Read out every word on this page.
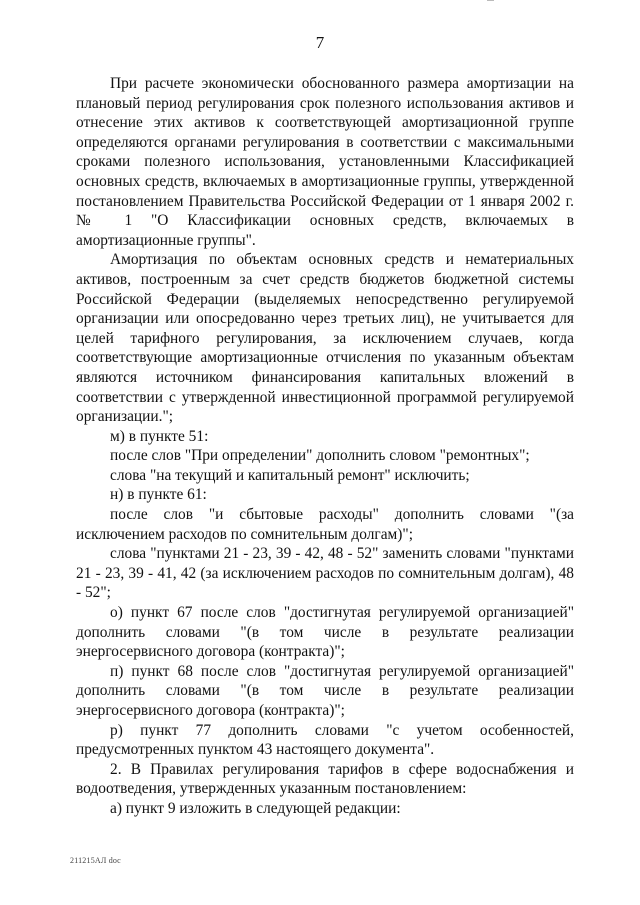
7

При расчете экономически обоснованного размера амортизации на плановый период регулирования срок полезного использования активов и отнесение этих активов к соответствующей амортизационной группе определяются органами регулирования в соответствии с максимальными сроками полезного использования, установленными Классификацией основных средств, включаемых в амортизационные группы, утвержденной постановлением Правительства Российской Федерации от 1 января 2002 г. № 1 "О Классификации основных средств, включаемых в амортизационные группы".

Амортизация по объектам основных средств и нематериальных активов, построенным за счет средств бюджетов бюджетной системы Российской Федерации (выделяемых непосредственно регулируемой организации или опосредованно через третьих лиц), не учитывается для целей тарифного регулирования, за исключением случаев, когда соответствующие амортизационные отчисления по указанным объектам являются источником финансирования капитальных вложений в соответствии с утвержденной инвестиционной программой регулируемой организации.";

м) в пункте 51:

после слов "При определении" дополнить словом "ремонтных";

слова "на текущий и капитальный ремонт" исключить;

н) в пункте 61:

после слов "и сбытовые расходы" дополнить словами "(за исключением расходов по сомнительным долгам)";

слова "пунктами 21 - 23, 39 - 42, 48 - 52" заменить словами "пунктами 21 - 23, 39 - 41, 42 (за исключением расходов по сомнительным долгам), 48 - 52";

о) пункт 67 после слов "достигнутая регулируемой организацией" дополнить словами "(в том числе в результате реализации энергосервисного договора (контракта)";

п) пункт 68 после слов "достигнутая регулируемой организацией" дополнить словами "(в том числе в результате реализации энергосервисного договора (контракта)";

р) пункт 77 дополнить словами "с учетом особенностей, предусмотренных пунктом 43 настоящего документа".

2. В Правилах регулирования тарифов в сфере водоснабжения и водоотведения, утвержденных указанным постановлением:

а) пункт 9 изложить в следующей редакции:

211215АЛ doc
